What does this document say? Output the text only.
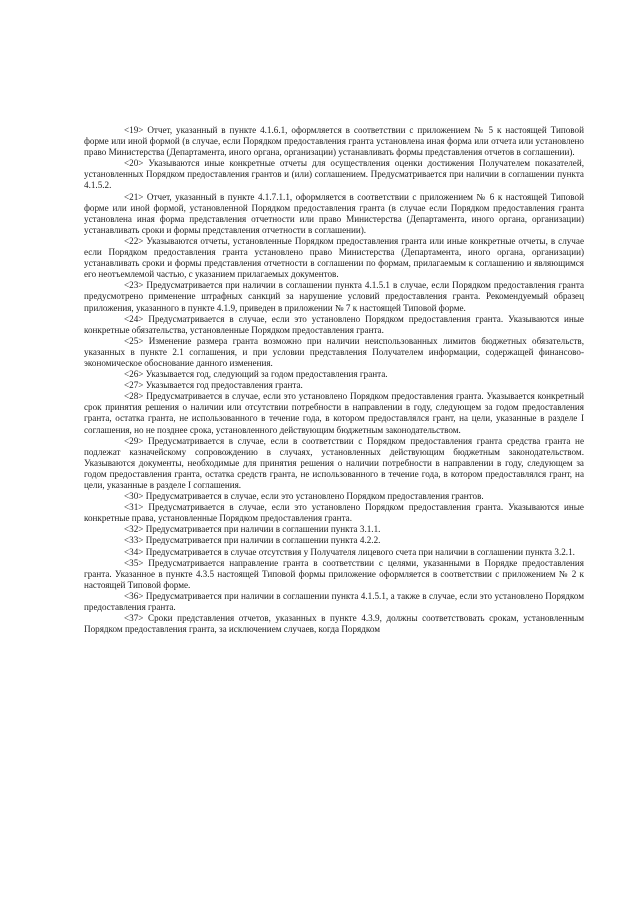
<19> Отчет, указанный в пункте 4.1.6.1, оформляется в соответствии с приложением № 5 к настоящей Типовой форме или иной формой (в случае, если Порядком предоставления гранта установлена иная форма или отчета или установлено право Министерства (Департамента, иного органа, организации) устанавливать формы представления отчетов в соглашении).

<20> Указываются иные конкретные отчеты для осуществления оценки достижения Получателем показателей, установленных Порядком предоставления грантов и (или) соглашением. Предусматривается при наличии в соглашении пункта 4.1.5.2.

<21> Отчет, указанный в пункте 4.1.7.1.1, оформляется в соответствии с приложением № 6 к настоящей Типовой форме или иной формой, установленной Порядком предоставления гранта (в случае если Порядком предоставления гранта установлена иная форма представления отчетности или право Министерства (Департамента, иного органа, организации) устанавливать сроки и формы представления отчетности в соглашении).

<22> Указываются отчеты, установленные Порядком предоставления гранта или иные конкретные отчеты, в случае если Порядком предоставления гранта установлено право Министерства (Департамента, иного органа, организации) устанавливать сроки и формы представления отчетности в соглашении по формам, прилагаемым к соглашению и являющимся его неотъемлемой частью, с указанием прилагаемых документов.

<23> Предусматривается при наличии в соглашении пункта 4.1.5.1 в случае, если Порядком предоставления гранта предусмотрено применение штрафных санкций за нарушение условий предоставления гранта. Рекомендуемый образец приложения, указанного в пункте 4.1.9, приведен в приложении № 7 к настоящей Типовой форме.

<24> Предусматривается в случае, если это установлено Порядком предоставления гранта. Указываются иные конкретные обязательства, установленные Порядком предоставления гранта.

<25> Изменение размера гранта возможно при наличии неиспользованных лимитов бюджетных обязательств, указанных в пункте 2.1 соглашения, и при условии представления Получателем информации, содержащей финансово-экономическое обоснование данного изменения.

<26> Указывается год, следующий за годом предоставления гранта.

<27> Указывается год предоставления гранта.

<28> Предусматривается в случае, если это установлено Порядком предоставления гранта. Указывается конкретный срок принятия решения о наличии или отсутствии потребности в направлении в году, следующем за годом предоставления гранта, остатка гранта, не использованного в течение года, в котором предоставлялся грант, на цели, указанные в разделе I соглашения, но не позднее срока, установленного действующим бюджетным законодательством.

<29> Предусматривается в случае, если в соответствии с Порядком предоставления гранта средства гранта не подлежат казначейскому сопровождению в случаях, установленных действующим бюджетным законодательством. Указываются документы, необходимые для принятия решения о наличии потребности в направлении в году, следующем за годом предоставления гранта, остатка средств гранта, не использованного в течение года, в котором предоставлялся грант, на цели, указанные в разделе I соглашения.

<30> Предусматривается в случае, если это установлено Порядком предоставления грантов.

<31> Предусматривается в случае, если это установлено Порядком предоставления гранта. Указываются иные конкретные права, установленные Порядком предоставления гранта.

<32> Предусматривается при наличии в соглашении пункта 3.1.1.

<33> Предусматривается при наличии в соглашении пункта 4.2.2.

<34> Предусматривается в случае отсутствия у Получателя лицевого счета при наличии в соглашении пункта 3.2.1.

<35> Предусматривается направление гранта в соответствии с целями, указанными в Порядке предоставления гранта. Указанное в пункте 4.3.5 настоящей Типовой формы приложение оформляется в соответствии с приложением № 2 к настоящей Типовой форме.

<36> Предусматривается при наличии в соглашении пункта 4.1.5.1, а также в случае, если это установлено Порядком предоставления гранта.

<37> Сроки представления отчетов, указанных в пункте 4.3.9, должны соответствовать срокам, установленным Порядком предоставления гранта, за исключением случаев, когда Порядком
